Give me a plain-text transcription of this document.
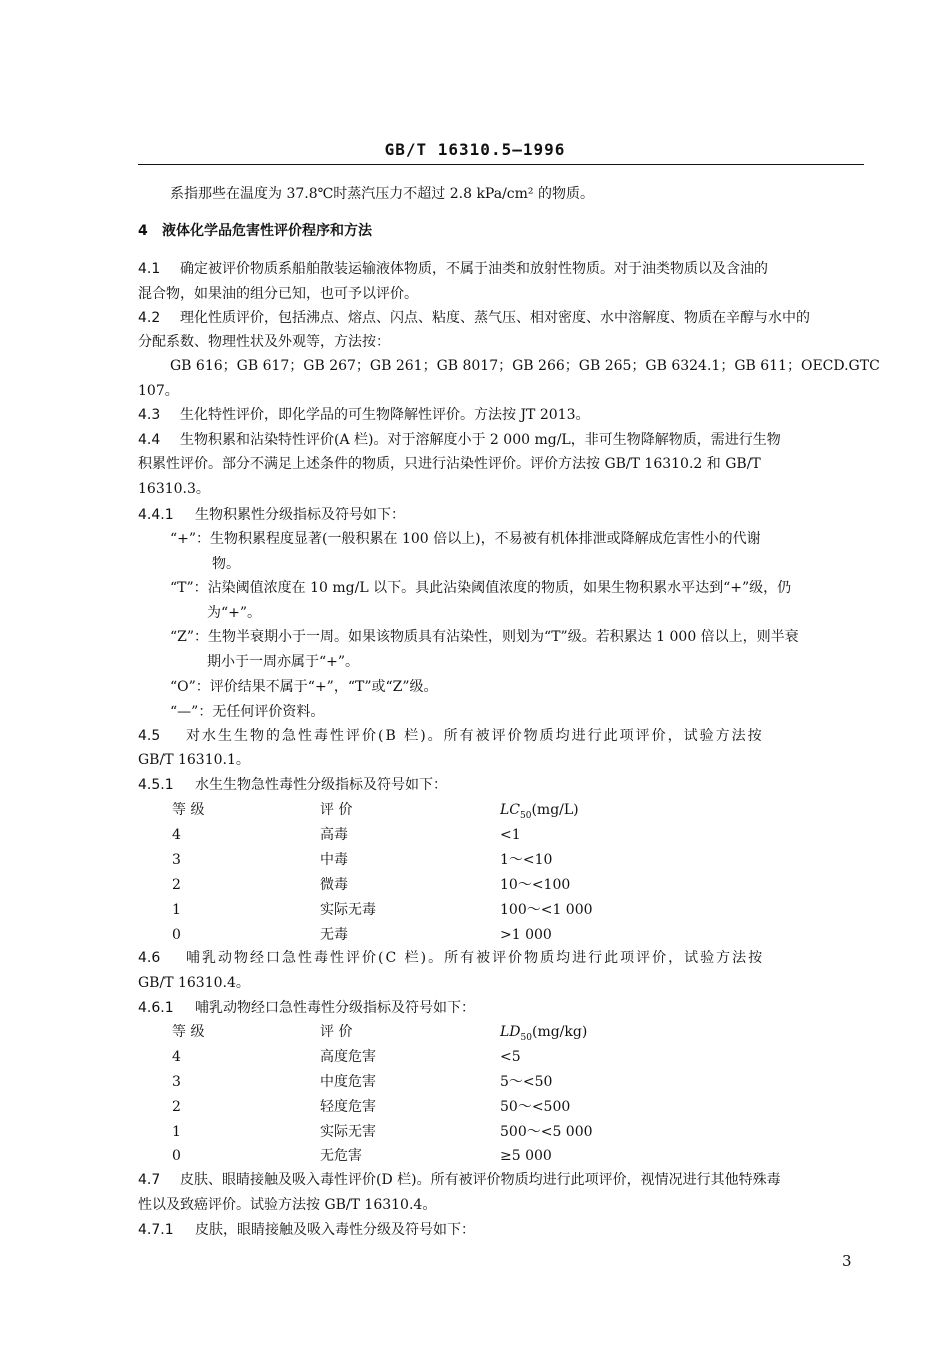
GB/T 16310.5—1996
系指那些在温度为 37.8℃时蒸汽压力不超过 2.8 kPa/cm² 的物质。
4 液体化学品危害性评价程序和方法
4.1 确定被评价物质系船舶散装运输液体物质，不属于油类和放射性物质。对于油类物质以及含油的
混合物，如果油的组分已知，也可予以评价。
4.2 理化性质评价，包括沸点、熔点、闪点、粘度、蒸气压、相对密度、水中溶解度、物质在辛醇与水中的
分配系数、物理性状及外观等，方法按：
GB 616；GB 617；GB 267；GB 261；GB 8017；GB 266；GB 265；GB 6324.1；GB 611；OECD.GTC
107。
4.3 生化特性评价，即化学品的可生物降解性评价。方法按 JT 2013。
4.4 生物积累和沾染特性评价(A 栏)。对于溶解度小于 2 000 mg/L，非可生物降解物质，需进行生物
积累性评价。部分不满足上述条件的物质，只进行沾染性评价。评价方法按 GB/T 16310.2 和 GB/T
16310.3。
4.4.1 生物积累性分级指标及符号如下：
“+”：生物积累程度显著(一般积累在 100 倍以上)，不易被有机体排泄或降解成危害性小的代谢
物。
“T”：沾染阈值浓度在 10 mg/L 以下。具此沾染阈值浓度的物质，如果生物积累水平达到“+”级，仍
为“+”。
“Z”：生物半衰期小于一周。如果该物质具有沾染性，则划为“T”级。若积累达 1 000 倍以上，则半衰
期小于一周亦属于“+”。
“O”：评价结果不属于“+”，“T”或“Z”级。
“—”：无任何评价资料。
4.5 对水生生物的急性毒性评价(B 栏)。所有被评价物质均进行此项评价，试验方法按
GB/T 16310.1。
4.5.1 水生生物急性毒性分级指标及符号如下：
等 级	评 价	$LC_{50}(mg/L)$
4	高毒	<1
3	中毒	1～<10
2	微毒	10～<100
1	实际无毒	100～<1 000
0	无毒	>1 000
4.6 哺乳动物经口急性毒性评价(C 栏)。所有被评价物质均进行此项评价，试验方法按
GB/T 16310.4。
4.6.1 哺乳动物经口急性毒性分级指标及符号如下：
等 级	评 价	$LD_{50}(mg/kg)$
4	高度危害	<5
3	中度危害	5～<50
2	轻度危害	50～<500
1	实际无害	500～<5 000
0	无危害	≥5 000
4.7 皮肤、眼睛接触及吸入毒性评价(D 栏)。所有被评价物质均进行此项评价，视情况进行其他特殊毒
性以及致癌评价。试验方法按 GB/T 16310.4。
4.7.1 皮肤，眼睛接触及吸入毒性分级及符号如下：
3
